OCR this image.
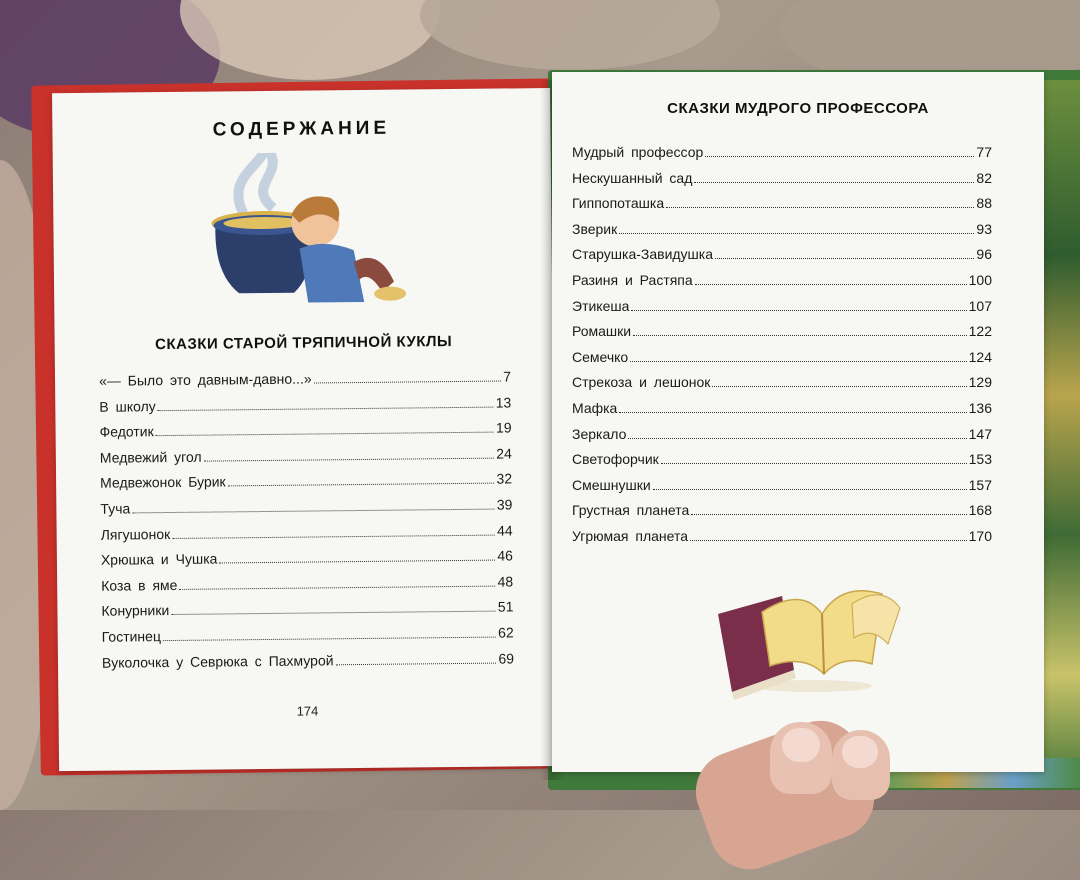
СОДЕРЖАНИЕ
СКАЗКИ СТАРОЙ ТРЯПИЧНОЙ КУКЛЫ
«— Было это давным-давно...»	7
В школу	13
Федотик	19
Медвежий угол	24
Медвежонок Бурик	32
Туча	39
Лягушонок	44
Хрюшка и Чушка	46
Коза в яме	48
Конурники	51
Гостинец	62
Вуколочка у Севрюка с Пахмурой	69
174
СКАЗКИ МУДРОГО ПРОФЕССОРА
Мудрый профессор	77
Нескушанный сад	82
Гиппопоташка	88
Зверик	93
Старушка-Завидушка	96
Разиня и Растяпа	100
Этикеша	107
Ромашки	122
Семечко	124
Стрекоза и лешонок	129
Мафка	136
Зеркало	147
Светофорчик	153
Смешнушки	157
Грустная планета	168
Угрюмая планета	170
